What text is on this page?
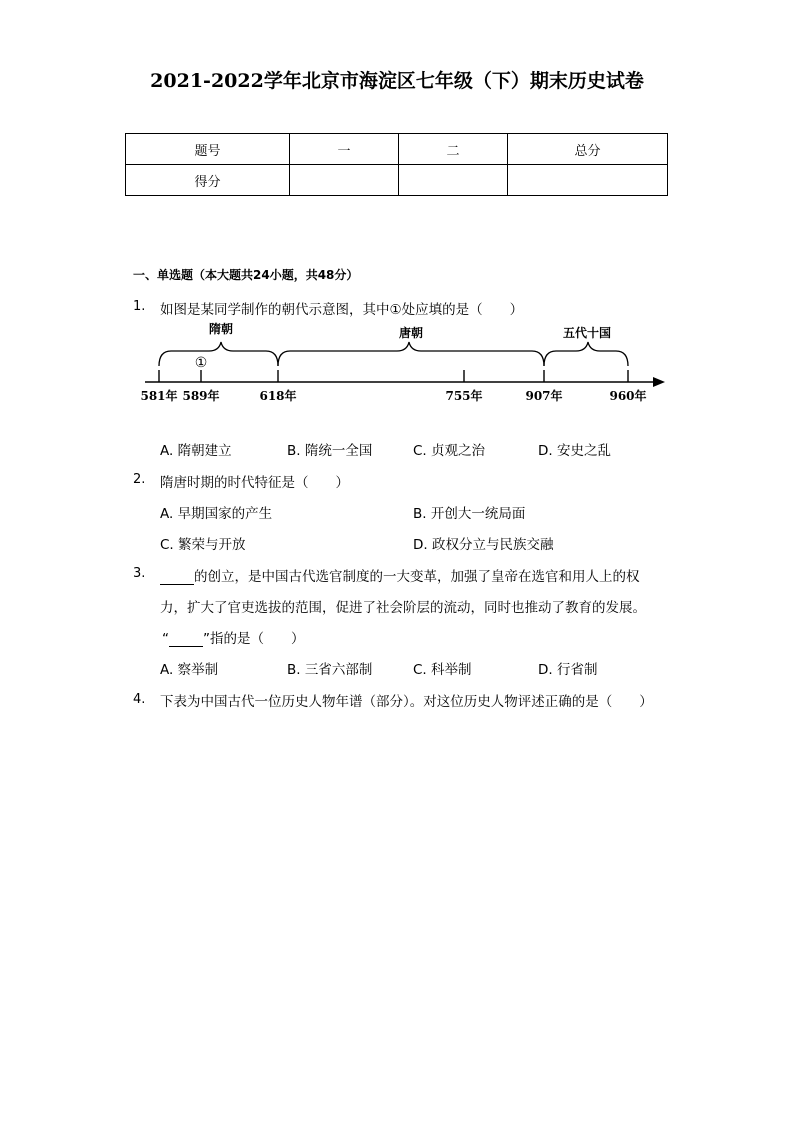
2021-2022学年北京市海淀区七年级（下）期末历史试卷
题号	一	二	总分
得分			
一、单选题（本大题共24小题，共48分）
1. 如图是某同学制作的朝代示意图，其中①处应填的是（　　）
隋朝	唐朝	五代十国
①
581年 589年	618年	755年	907年	960年
A. 隋朝建立	B. 隋统一全国	C. 贞观之治	D. 安史之乱
2. 隋唐时期的时代特征是（　　）
A. 早期国家的产生	B. 开创大一统局面
C. 繁荣与开放	D. 政权分立与民族交融
3.	的创立，是中国古代选官制度的一大变革，加强了皇帝在选官和用人上的权
力，扩大了官吏选拔的范围，促进了社会阶层的流动，同时也推动了教育的发展。
“	”指的是（　　）
A. 察举制	B. 三省六部制	C. 科举制	D. 行省制
4. 下表为中国古代一位历史人物年谱（部分）。对这位历史人物评述正确的是（　　）
